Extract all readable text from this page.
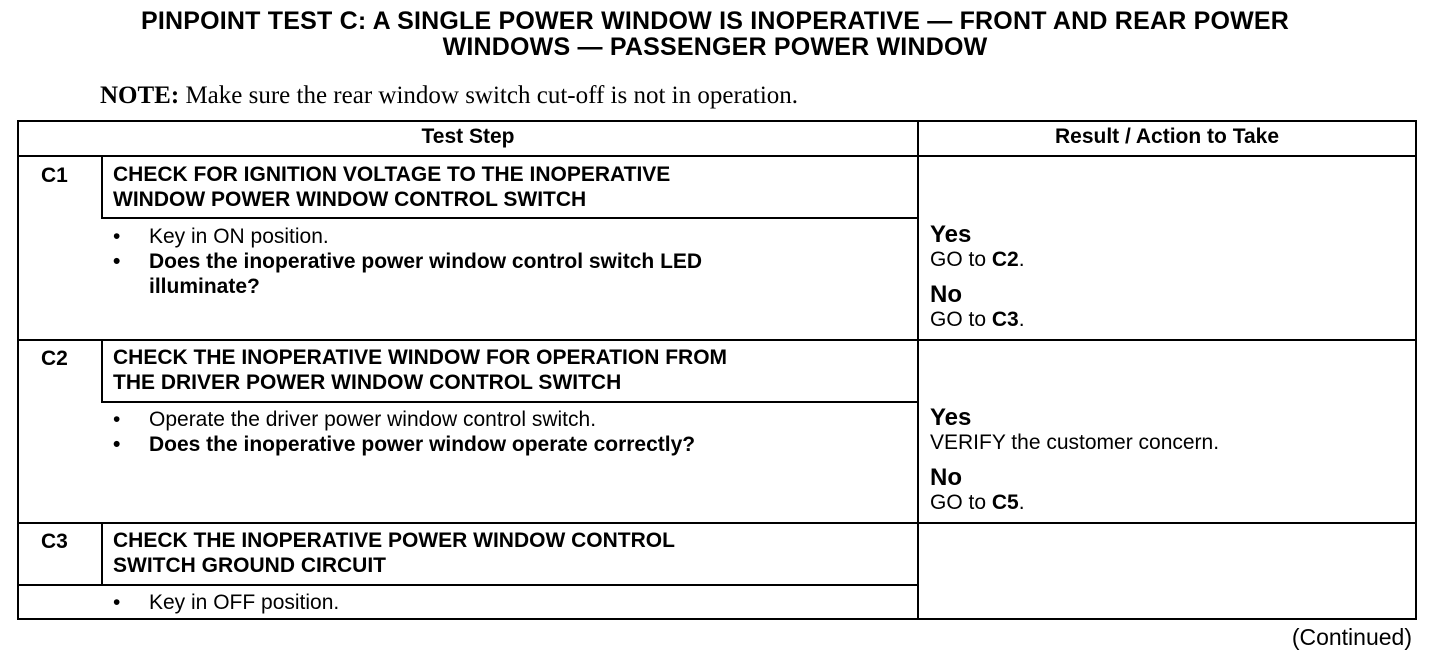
PINPOINT TEST C: A SINGLE POWER WINDOW IS INOPERATIVE — FRONT AND REAR POWER
WINDOWS — PASSENGER POWER WINDOW
NOTE: Make sure the rear window switch cut-off is not in operation.
Test Step	Result / Action to Take
C1 CHECK FOR IGNITION VOLTAGE TO THE INOPERATIVE
WINDOW POWER WINDOW CONTROL SWITCH
• Key in ON position.
• Does the inoperative power window control switch LED
illuminate?
Yes
GO to C2.
No
GO to C3.
C2 CHECK THE INOPERATIVE WINDOW FOR OPERATION FROM
THE DRIVER POWER WINDOW CONTROL SWITCH
• Operate the driver power window control switch.
• Does the inoperative power window operate correctly?
Yes
VERIFY the customer concern.
No
GO to C5.
C3 CHECK THE INOPERATIVE POWER WINDOW CONTROL
SWITCH GROUND CIRCUIT
• Key in OFF position.
(Continued)
